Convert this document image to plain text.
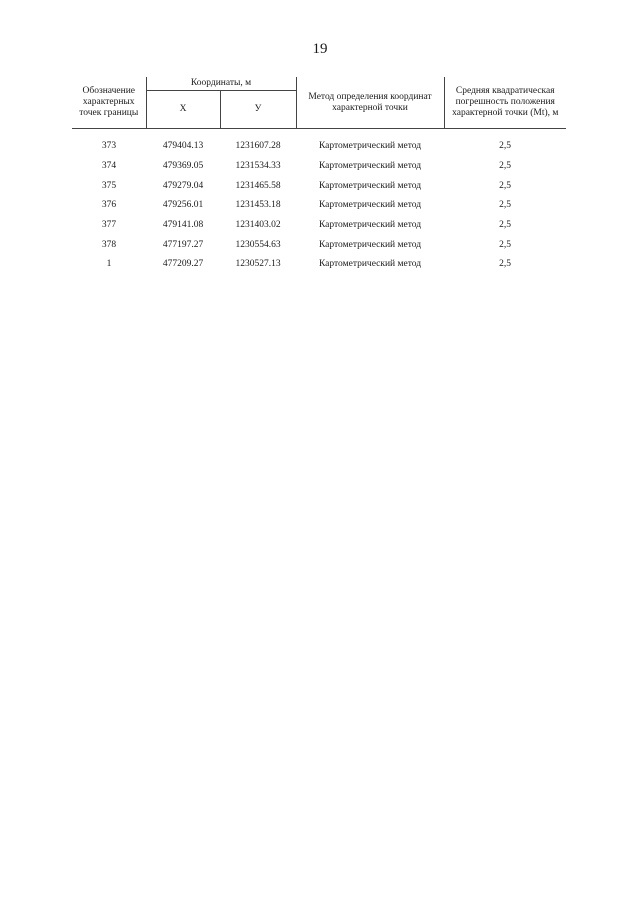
19
Обозначение характерных точек границы	Координаты, м		Метод определения координат характерной точки	Средняя квадратическая погрешность положения характерной точки (Mt), м
	X	У		
373	479404.13	1231607.28	Картометрический метод	2,5
374	479369.05	1231534.33	Картометрический метод	2,5
375	479279.04	1231465.58	Картометрический метод	2,5
376	479256.01	1231453.18	Картометрический метод	2,5
377	479141.08	1231403.02	Картометрический метод	2,5
378	477197.27	1230554.63	Картометрический метод	2,5
1	477209.27	1230527.13	Картометрический метод	2,5
